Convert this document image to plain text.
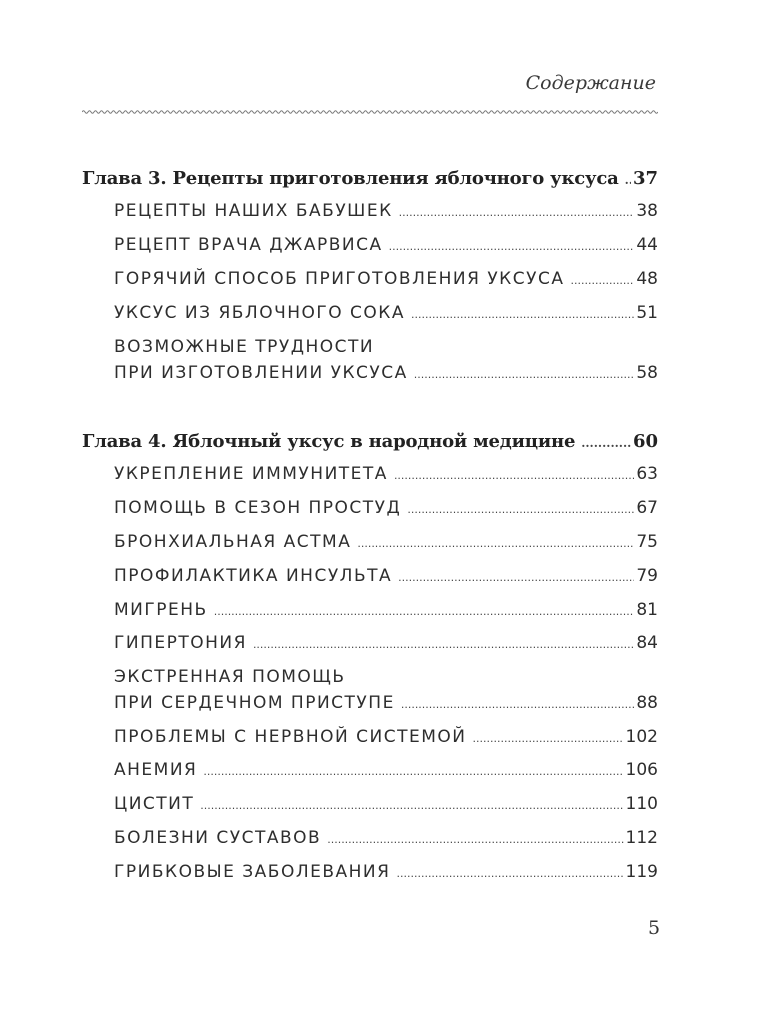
Содержание
Глава 3. Рецепты приготовления яблочного уксуса ..... 37
РЕЦЕПТЫ НАШИХ БАБУШЕК .....	38
РЕЦЕПТ ВРАЧА ДЖАРВИСА .....	44
ГОРЯЧИЙ СПОСОБ ПРИГОТОВЛЕНИЯ УКСУСА .....	48
УКСУС ИЗ ЯБЛОЧНОГО СОКА .....	51
ВОЗМОЖНЫЕ ТРУДНОСТИ
ПРИ ИЗГОТОВЛЕНИИ УКСУСА .....	58
Глава 4. Яблочный уксус в народной медицине .....	60
УКРЕПЛЕНИЕ ИММУНИТЕТА .....	63
ПОМОЩЬ В СЕЗОН ПРОСТУД .....	67
БРОНХИАЛЬНАЯ АСТМА .....	75
ПРОФИЛАКТИКА ИНСУЛЬТА .....	79
МИГРЕНЬ .....	81
ГИПЕРТОНИЯ .....	84
ЭКСТРЕННАЯ ПОМОЩЬ
ПРИ СЕРДЕЧНОМ ПРИСТУПЕ .....	88
ПРОБЛЕМЫ С НЕРВНОЙ СИСТЕМОЙ .....	102
АНЕМИЯ .....	106
ЦИСТИТ .....	110
БОЛЕЗНИ СУСТАВОВ .....	112
ГРИБКОВЫЕ ЗАБОЛЕВАНИЯ .....	119
5
